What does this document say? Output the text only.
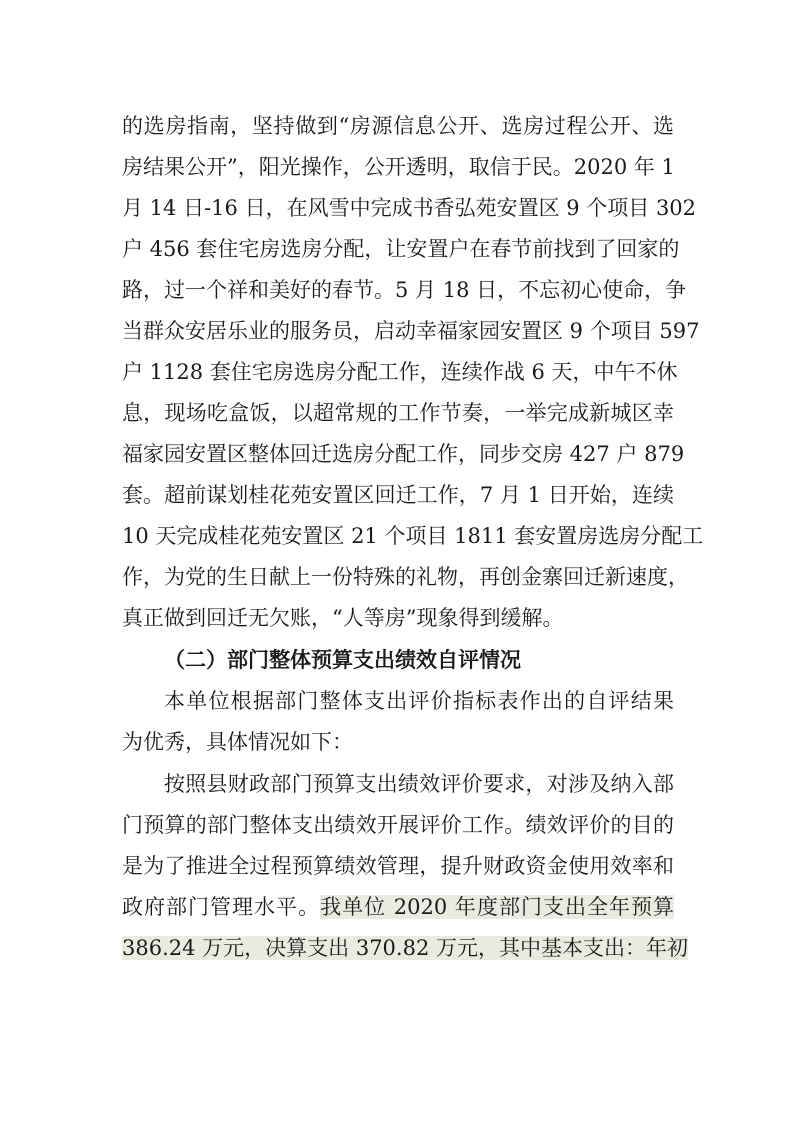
的选房指南，坚持做到“房源信息公开、选房过程公开、选
房结果公开”，阳光操作，公开透明，取信于民。2020 年 1
月 14 日-16 日，在风雪中完成书香弘苑安置区 9 个项目 302
户 456 套住宅房选房分配，让安置户在春节前找到了回家的
路，过一个祥和美好的春节。5 月 18 日，不忘初心使命，争
当群众安居乐业的服务员，启动幸福家园安置区 9 个项目 597
户 1128 套住宅房选房分配工作，连续作战 6 天，中午不休
息，现场吃盒饭，以超常规的工作节奏，一举完成新城区幸
福家园安置区整体回迁选房分配工作，同步交房 427 户 879
套。超前谋划桂花苑安置区回迁工作，7 月 1 日开始，连续
10 天完成桂花苑安置区 21 个项目 1811 套安置房选房分配工
作，为党的生日献上一份特殊的礼物，再创金寨回迁新速度，
真正做到回迁无欠账，“人等房”现象得到缓解。
（二）部门整体预算支出绩效自评情况
本单位根据部门整体支出评价指标表作出的自评结果
为优秀，具体情况如下：
按照县财政部门预算支出绩效评价要求，对涉及纳入部
门预算的部门整体支出绩效开展评价工作。绩效评价的目的
是为了推进全过程预算绩效管理，提升财政资金使用效率和
政府部门管理水平。我单位 2020 年度部门支出全年预算
386.24 万元，决算支出 370.82 万元，其中基本支出：年初
